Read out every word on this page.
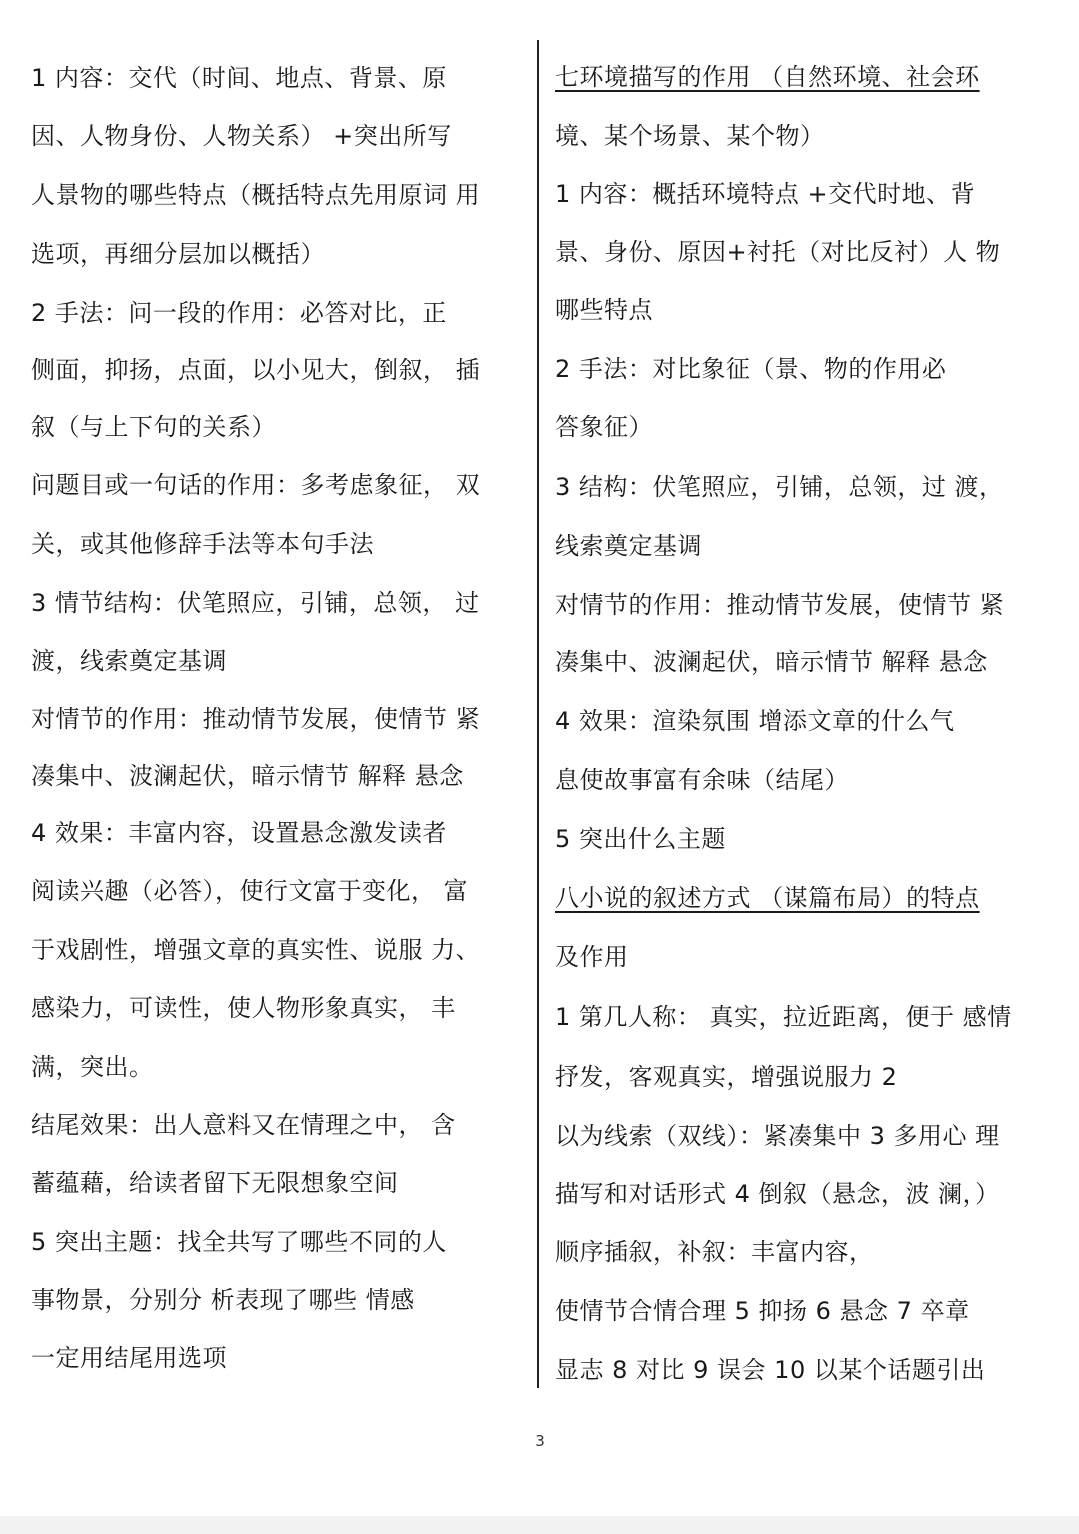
1 内容：交代（时间、地点、背景、原
因、人物身份、人物关系） +突出所写
人景物的哪些特点（概括特点先用原词 用
选项，再细分层加以概括）
2 手法：问一段的作用：必答对比，正
侧面，抑扬，点面，以小见大，倒叙， 插
叙（与上下句的关系）
问题目或一句话的作用：多考虑象征， 双
关，或其他修辞手法等本句手法
3 情节结构：伏笔照应，引铺，总领， 过
渡，线索奠定基调
对情节的作用：推动情节发展，使情节 紧
凑集中、波澜起伏，暗示情节 解释 悬念
4 效果：丰富内容，设置悬念激发读者
阅读兴趣（必答），使行文富于变化， 富
于戏剧性，增强文章的真实性、说服 力、
感染力，可读性，使人物形象真实， 丰
满，突出。
结尾效果：出人意料又在情理之中， 含
蓄蕴藉，给读者留下无限想象空间
5 突出主题：找全共写了哪些不同的人
事物景，分别分 析表现了哪些 情感
一定用结尾用选项
七环境描写的作用 （自然环境、社会环
境、某个场景、某个物）
1 内容：概括环境特点 +交代时地、背
景、身份、原因+衬托（对比反衬）人 物
哪些特点
2 手法：对比象征（景、物的作用必
答象征）
3 结构：伏笔照应，引铺，总领，过 渡，
线索奠定基调
对情节的作用：推动情节发展，使情节 紧
凑集中、波澜起伏，暗示情节 解释 悬念
4 效果：渲染氛围 增添文章的什么气
息使故事富有余味（结尾）
5 突出什么主题
八小说的叙述方式 （谋篇布局）的特点
及作用
1 第几人称： 真实，拉近距离，便于 感情
抒发，客观真实，增强说服力 2
以为线索（双线）：紧凑集中 3 多用心 理
描写和对话形式 4 倒叙（悬念，波 澜，）
顺序插叙，补叙：丰富内容，
使情节合情合理 5 抑扬 6 悬念 7 卒章
显志 8 对比 9 误会 10 以某个话题引出
3
